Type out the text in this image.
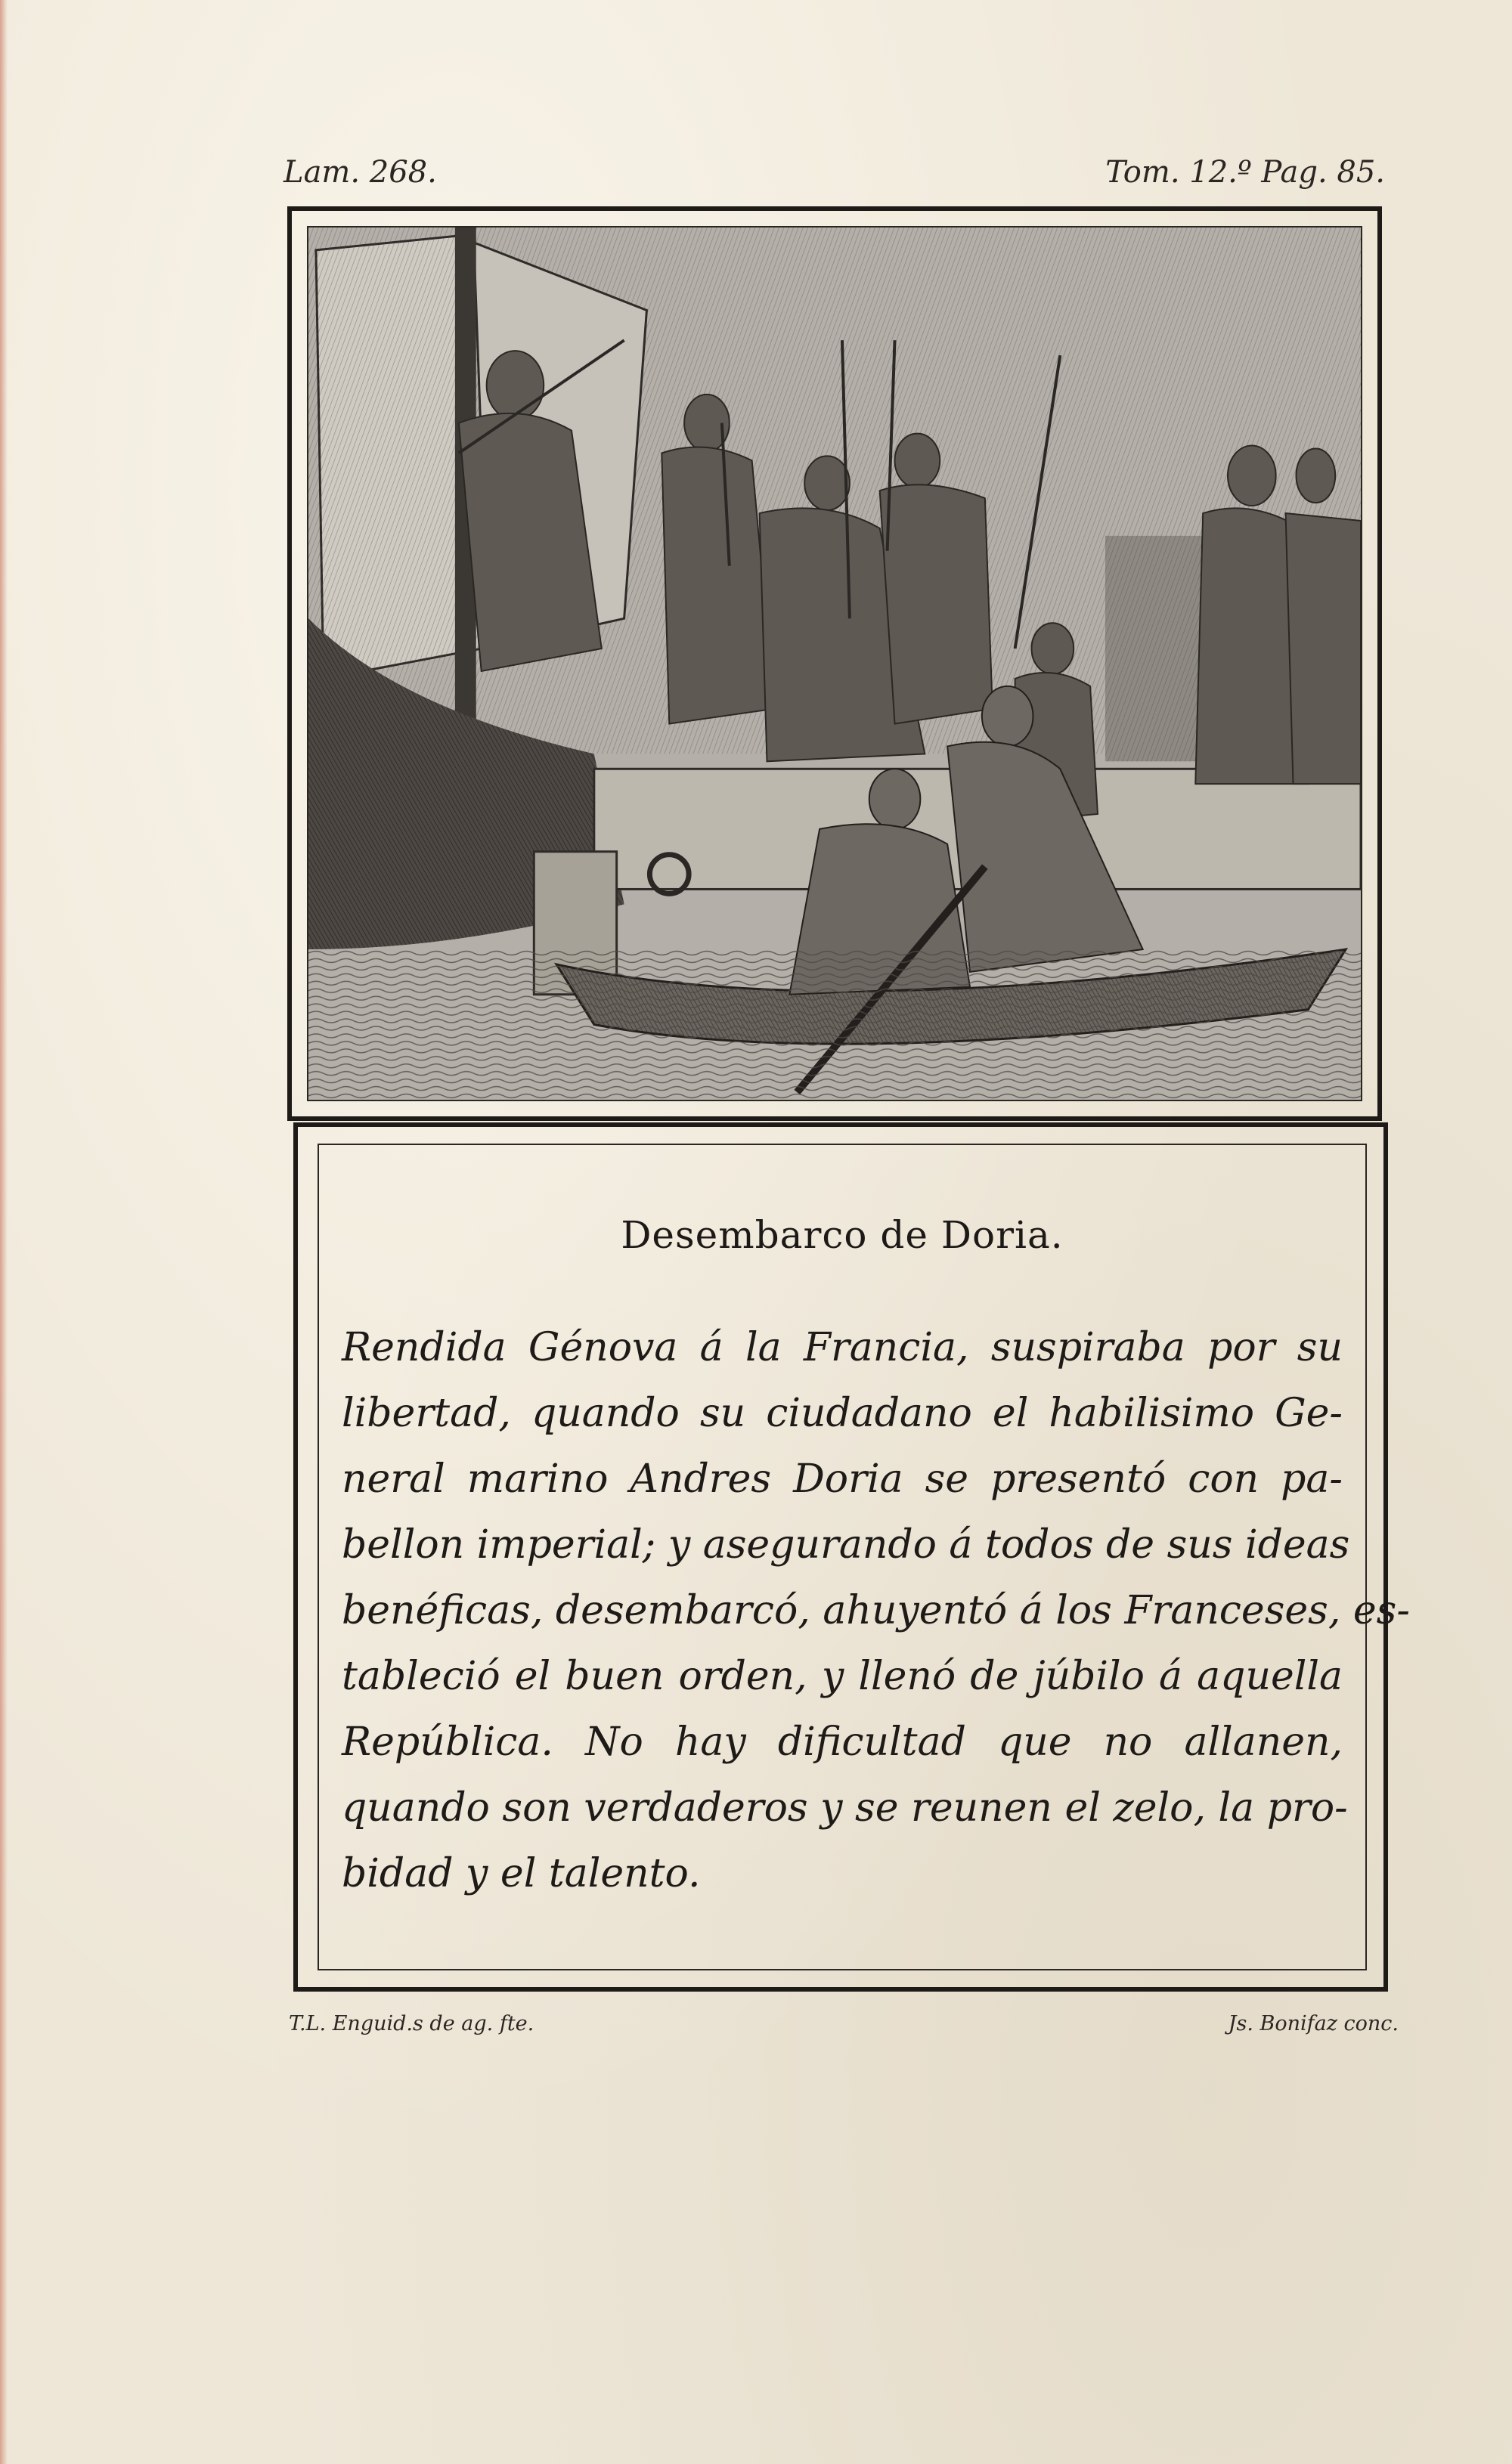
Lam. 268.	Tom. 12.º Pag. 85.
Desembarco de Doria.
Rendida Génova á la Francia, suspiraba por su
libertad, quando su ciudadano el habilisimo Ge-
neral marino Andres Doria se presentó con pa-
bellon imperial; y asegurando á todos de sus ideas
benéficas, desembarcó, ahuyentó á los Franceses, es-
tableció el buen orden, y llenó de júbilo á aquella
República. No hay dificultad que no allanen,
quando son verdaderos y se reunen el zelo, la pro-
bidad y el talento.
T.L. Enguid.s de ag. fte.	Js. Bonifaz conc.
